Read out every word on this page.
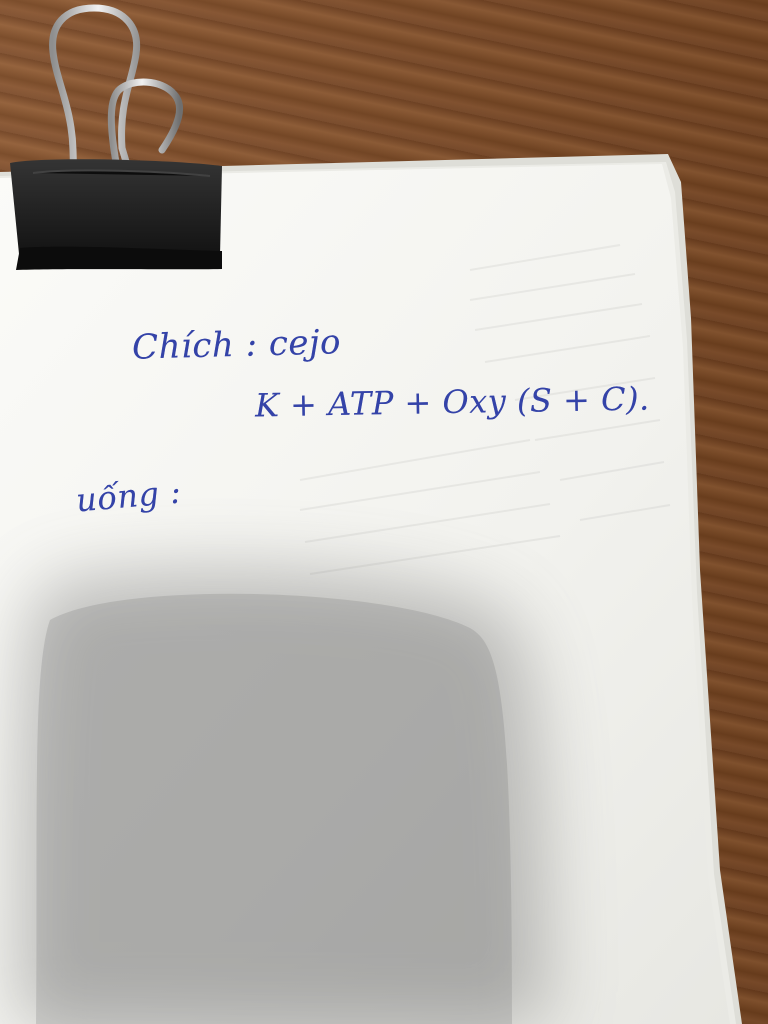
Chích : cejo

K + ATP + Oxy (S + C).

uống :
